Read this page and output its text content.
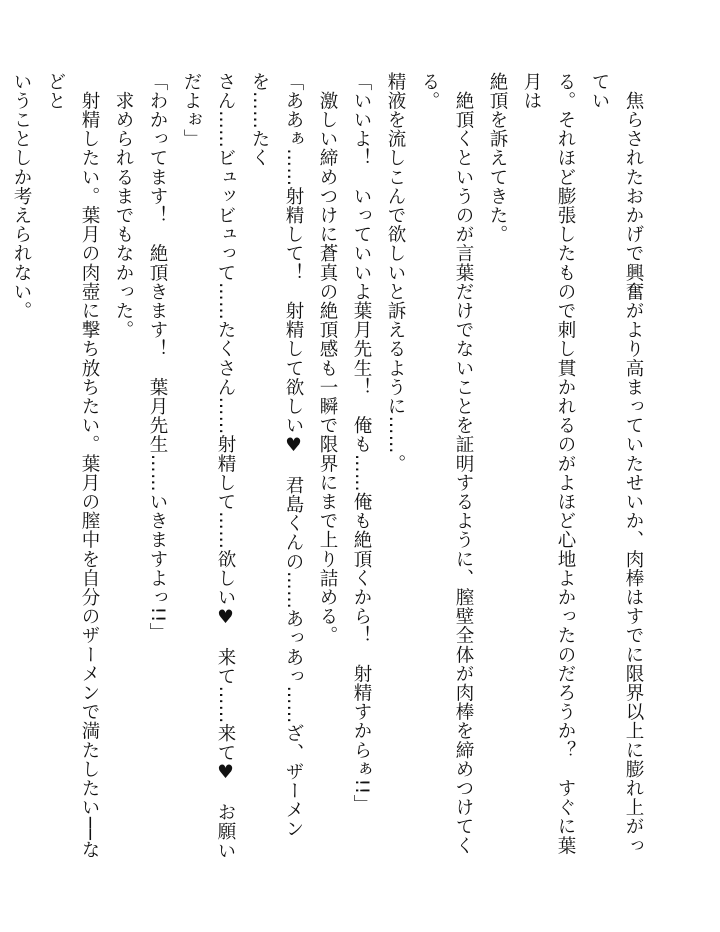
　焦らされたおかげで興奮がより高まっていたせいか、肉棒はすでに限界以上に膨れ上がってい
る。それほど膨張したもので刺し貫かれるのがよほど心地よかったのだろうか？　すぐに葉月は
絶頂を訴えてきた。

　絶頂くというのが言葉だけでないことを証明するように、膣壁全体が肉棒を締めつけてくる。
精液を流しこんで欲しいと訴えるように……。

「いいよ！　いっていいよ葉月先生！　俺も……俺も絶頂くから！　射精すからぁ!!」

　激しい締めつけに蒼真の絶頂感も一瞬で限界にまで上り詰める。

「ああぁ……射精して！　射精して欲しい♥　君島くんの……あっあっ……ざ、ザーメンを……たく
さん……ビュッビュって……たくさん……射精して……欲しい♥　来て……来て♥　お願いだよぉ」

「わかってます！　絶頂きます！　葉月先生……いきますよっ!!」

　求められるまでもなかった。

　射精したい。葉月の肉壺に撃ち放ちたい。葉月の膣中を自分のザーメンで満たしたい──などと
いうことしか考えられない。
